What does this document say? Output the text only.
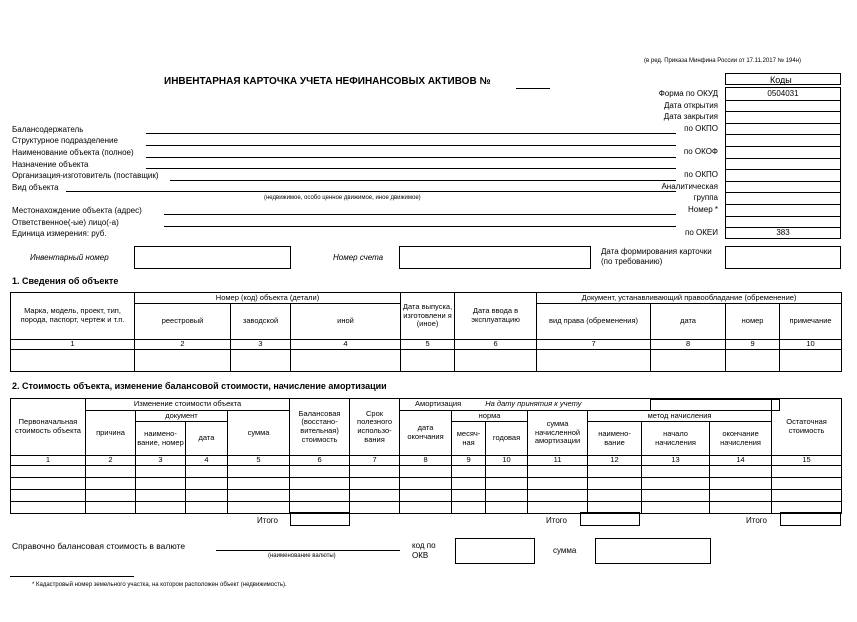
(в ред. Приказа Минфина России от 17.11.2017 № 194н)
ИНВЕНТАРНАЯ КАРТОЧКА УЧЕТА НЕФИНАНСОВЫХ АКТИВОВ №	Коды
Форма по ОКУД	0504031
Дата открытия
Дата закрытия
по ОКПО
по ОКОФ
по ОКПО
Аналитическая
группа
Номер *
по ОКЕИ	383
Балансодержатель
Структурное подразделение
Наименование объекта (полное)
Назначение объекта
Организация-изготовитель (поставщик)
Вид объекта
(недвижимое, особо ценное движимое, иное движимое)
Местонахождение объекта (адрес)
Ответственное(-ые) лицо(-а)
Единица измерения: руб.
Инвентарный номер	Номер счета
Дата формирования карточки (по требованию)
1. Сведения об объекте
Марка, модель, проект, тип, порода, паспорт, чертеж и т.п.	Номер (код) объекта (детали)			Дата выпуска, изготовлени я (иное)	Дата ввода в эксплуатацию	Документ, устанавливающий правообладание (обременение)			
	реестровый	заводской	иной			вид права (обременения)	дата	номер	примечание
1	2	3	4	5	6	7	8	9	10

2. Стоимость объекта, изменение балансовой стоимости, начисление амортизации
Первоначальная стоимость объекта	Изменение стоимости объекта				Балансовая (восстано-вительная) стоимость	Срок полезного использо-вания	Амортизация На дату принятия к учету							Остаточная стоимость
	причина	документ		сумма			дата окончания	норма		сумма начисленной амортизации	метод начисления			
		наимено-вание, номер	дата					месяч-ная	годовая		наимено-вание	начало начисления	окончание начисления	
1	2	3	4	5	6	7	8	9	10	11	12	13	14	15

Итого	Итого	Итого
Справочно балансовая стоимость в валюте
(наименование валюты)
код по ОКВ
сумма
* Кадастровый номер земельного участка, на котором расположен объект (недвижимость).
